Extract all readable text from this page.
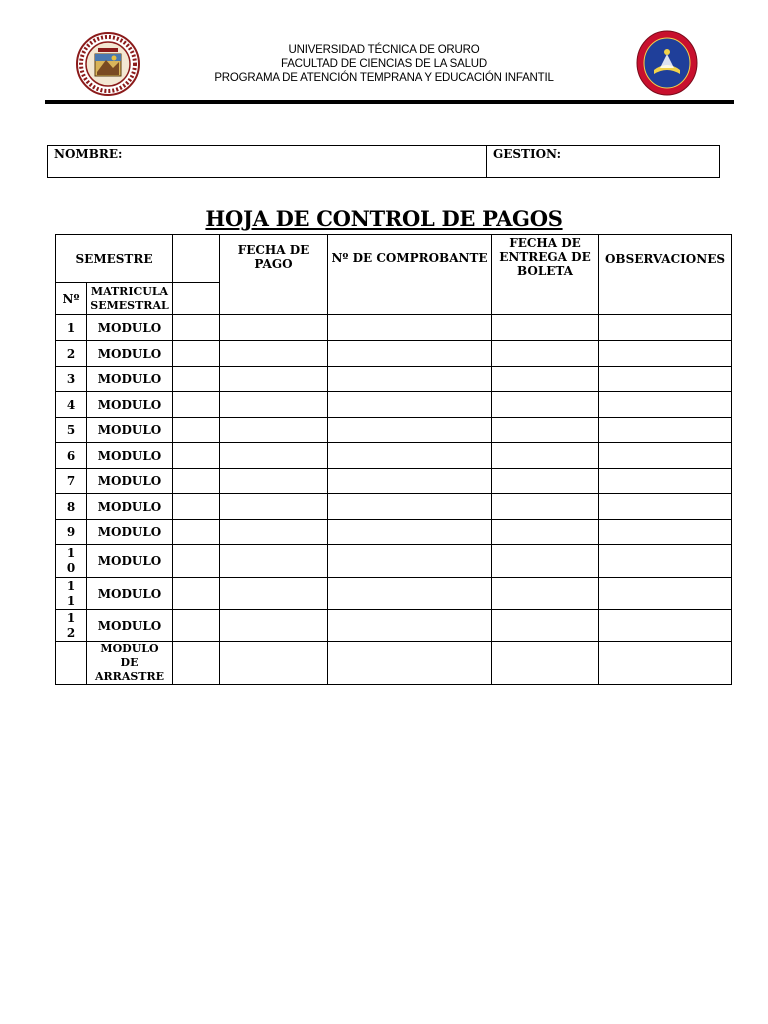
UNIVERSIDAD TÉCNICA DE ORURO
FACULTAD DE CIENCIAS DE LA SALUD
PROGRAMA DE ATENCIÓN TEMPRANA Y EDUCACIÓN INFANTIL
NOMBRE:	GESTION:
HOJA DE CONTROL DE PAGOS
SEMESTRE			FECHA DE PAGO	Nº DE COMPROBANTE	FECHA DE ENTREGA DE BOLETA	OBSERVACIONES
Nº	MATRICULA SEMESTRAL					
1	MODULO					
2	MODULO					
3	MODULO					
4	MODULO					
5	MODULO					
6	MODULO					
7	MODULO					
8	MODULO					
9	MODULO					
10	MODULO					
11	MODULO					
12	MODULO					
	MODULO DE ARRASTRE					
